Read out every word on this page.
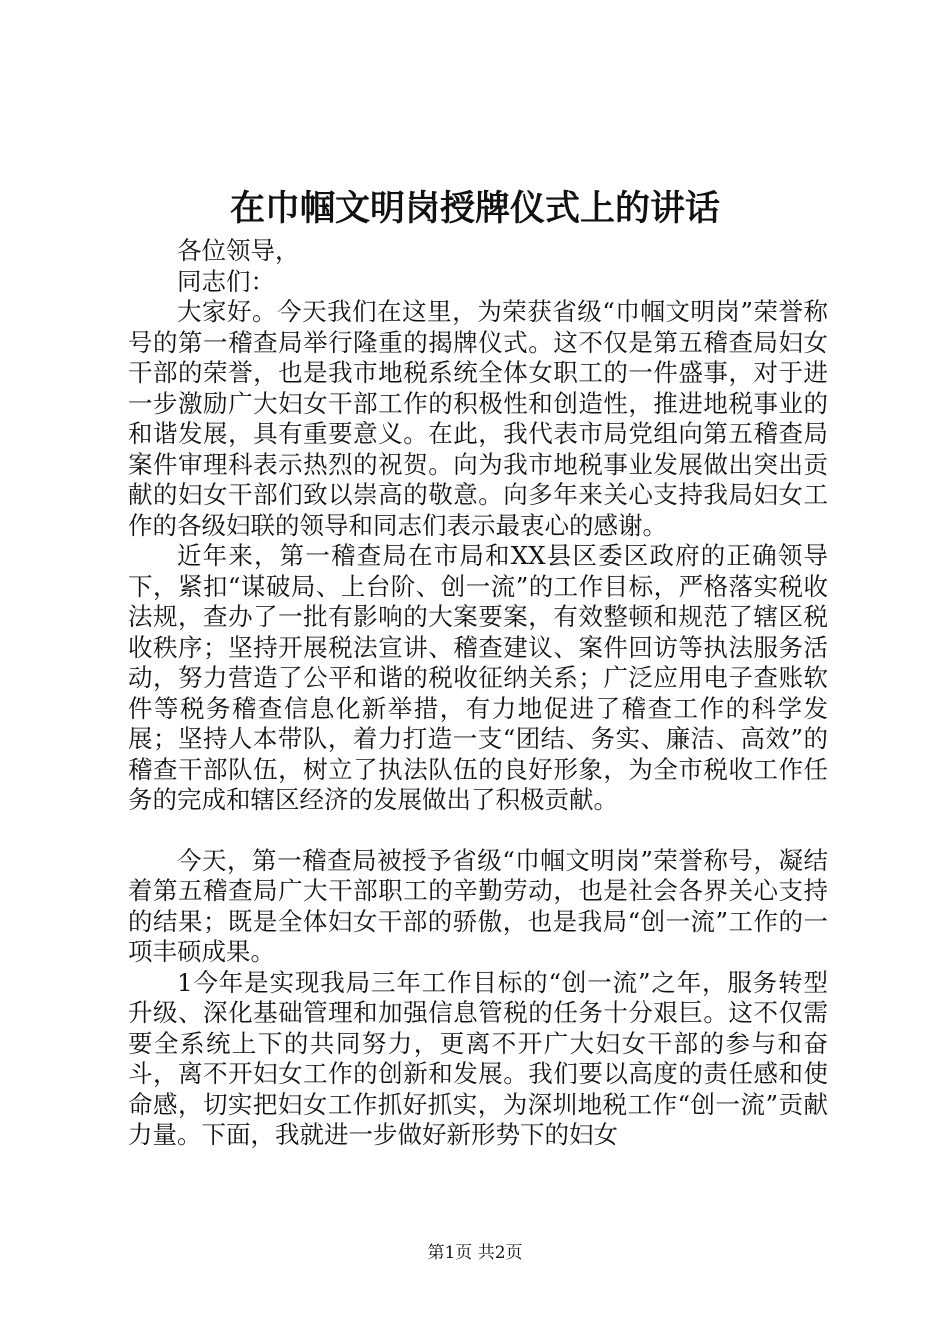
在巾帼文明岗授牌仪式上的讲话

各位领导，

同志们：

大家好。今天我们在这里，为荣获省级“巾帼文明岗”荣誉称号的第一稽查局举行隆重的揭牌仪式。这不仅是第五稽查局妇女干部的荣誉，也是我市地税系统全体女职工的一件盛事，对于进一步激励广大妇女干部工作的积极性和创造性，推进地税事业的和谐发展，具有重要意义。在此，我代表市局党组向第五稽查局案件审理科表示热烈的祝贺。向为我市地税事业发展做出突出贡献的妇女干部们致以崇高的敬意。向多年来关心支持我局妇女工作的各级妇联的领导和同志们表示最衷心的感谢。

近年来，第一稽查局在市局和XX县区委区政府的正确领导下，紧扣“谋破局、上台阶、创一流”的工作目标，严格落实税收法规，查办了一批有影响的大案要案，有效整顿和规范了辖区税收秩序；坚持开展税法宣讲、稽查建议、案件回访等执法服务活动，努力营造了公平和谐的税收征纳关系；广泛应用电子查账软件等税务稽查信息化新举措，有力地促进了稽查工作的科学发展；坚持人本带队，着力打造一支“团结、务实、廉洁、高效”的稽查干部队伍，树立了执法队伍的良好形象，为全市税收工作任务的完成和辖区经济的发展做出了积极贡献。

今天，第一稽查局被授予省级“巾帼文明岗”荣誉称号，凝结着第五稽查局广大干部职工的辛勤劳动，也是社会各界关心支持的结果；既是全体妇女干部的骄傲，也是我局“创一流”工作的一项丰硕成果。

1今年是实现我局三年工作目标的“创一流”之年，服务转型升级、深化基础管理和加强信息管税的任务十分艰巨。这不仅需要全系统上下的共同努力，更离不开广大妇女干部的参与和奋斗，离不开妇女工作的创新和发展。我们要以高度的责任感和使命感，切实把妇女工作抓好抓实，为深圳地税工作“创一流”贡献力量。下面，我就进一步做好新形势下的妇女

第1页 共2页
